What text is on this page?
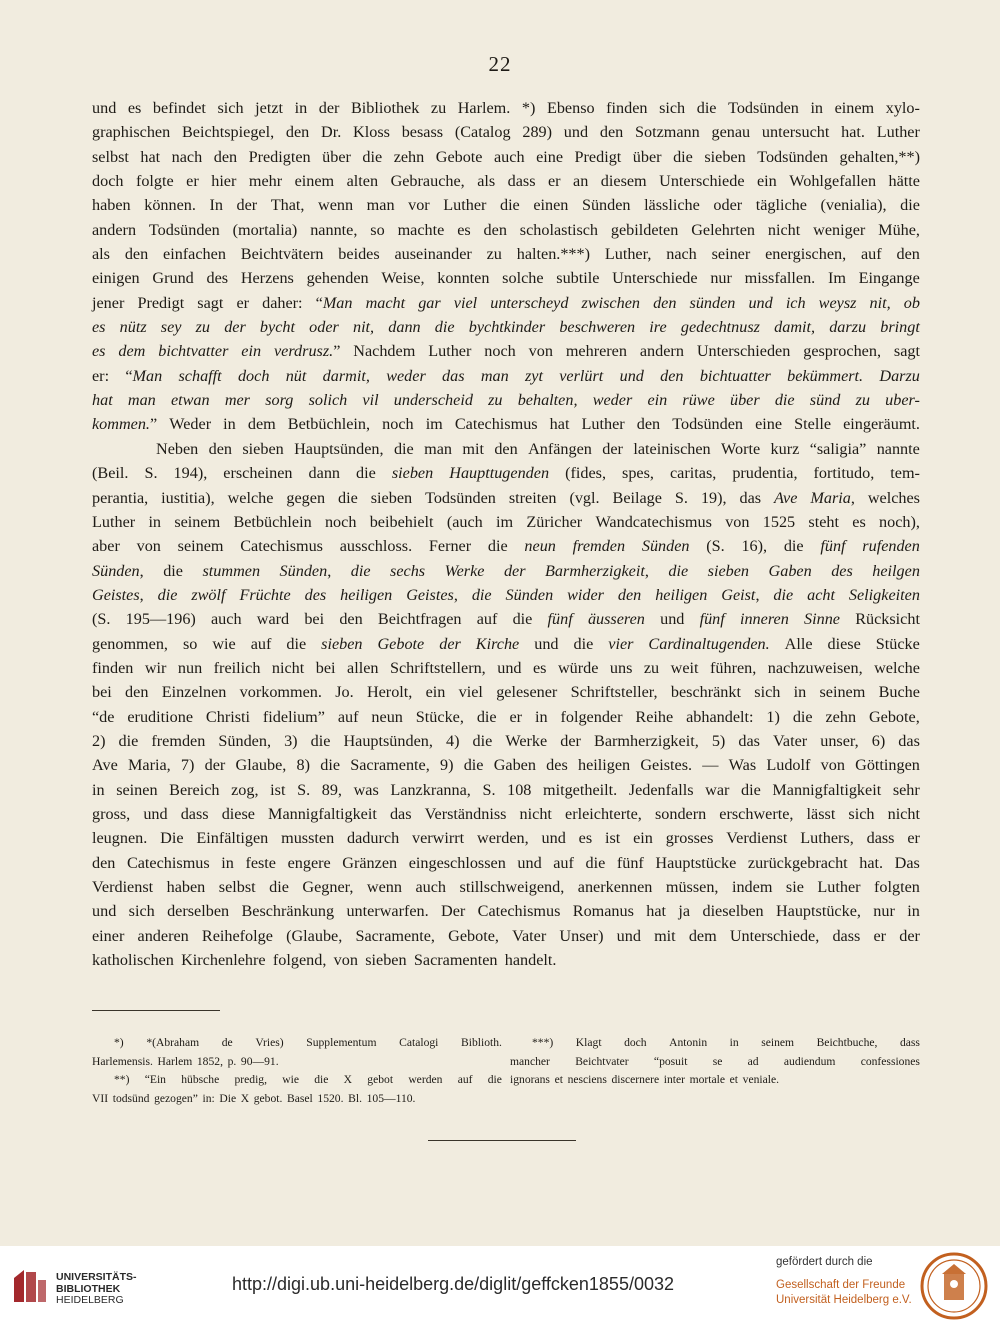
22
und es befindet sich jetzt in der Bibliothek zu Harlem. *) Ebenso finden sich die Todsünden in einem xylo-
graphischen Beichtspiegel, den Dr. Kloss besass (Catalog 289) und den Sotzmann genau untersucht hat. Luther
selbst hat nach den Predigten über die zehn Gebote auch eine Predigt über die sieben Todsünden gehalten,**)
doch folgte er hier mehr einem alten Gebrauche, als dass er an diesem Unterschiede ein Wohlgefallen hätte
haben können. In der That, wenn man vor Luther die einen Sünden lässliche oder tägliche (venialia), die
andern Todsünden (mortalia) nannte, so machte es den scholastisch gebildeten Gelehrten nicht weniger Mühe,
als den einfachen Beichtvätern beides auseinander zu halten.***) Luther, nach seiner energischen, auf den
einigen Grund des Herzens gehenden Weise, konnten solche subtile Unterschiede nur missfallen. Im Eingange
jener Predigt sagt er daher: “Man macht gar viel unterscheyd zwischen den sünden und ich weysz nit, ob
es nütz sey zu der bycht oder nit, dann die bychtkinder beschweren ire gedechtnusz damit, darzu bringt
es dem bichtvatter ein verdrusz.” Nachdem Luther noch von mehreren andern Unterschieden gesprochen, sagt
er: “Man schafft doch nüt darmit, weder das man zyt verlürt und den bichtuatter bekümmert. Darzu
hat man etwan mer sorg solich vil underscheid zu behalten, weder ein rüwe über die sünd zu uber-
kommen.” Weder in dem Betbüchlein, noch im Catechismus hat Luther den Todsünden eine Stelle eingeräumt.
Neben den sieben Hauptsünden, die man mit den Anfängen der lateinischen Worte kurz “saligia” nannte
(Beil. S. 194), erscheinen dann die sieben Haupttugenden (fides, spes, caritas, prudentia, fortitudo, tem-
perantia, iustitia), welche gegen die sieben Todsünden streiten (vgl. Beilage S. 19), das Ave Maria, welches
Luther in seinem Betbüchlein noch beibehielt (auch im Züricher Wandcatechismus von 1525 steht es noch),
aber von seinem Catechismus ausschloss. Ferner die neun fremden Sünden (S. 16), die fünf rufenden
Sünden, die stummen Sünden, die sechs Werke der Barmherzigkeit, die sieben Gaben des heilgen
Geistes, die zwölf Früchte des heiligen Geistes, die Sünden wider den heiligen Geist, die acht Seligkeiten
(S. 195—196) auch ward bei den Beichtfragen auf die fünf äusseren und fünf inneren Sinne Rücksicht
genommen, so wie auf die sieben Gebote der Kirche und die vier Cardinaltugenden. Alle diese Stücke
finden wir nun freilich nicht bei allen Schriftstellern, und es würde uns zu weit führen, nachzuweisen, welche
bei den Einzelnen vorkommen. Jo. Herolt, ein viel gelesener Schriftsteller, beschränkt sich in seinem Buche
“de eruditione Christi fidelium” auf neun Stücke, die er in folgender Reihe abhandelt: 1) die zehn Gebote,
2) die fremden Sünden, 3) die Hauptsünden, 4) die Werke der Barmherzigkeit, 5) das Vater unser, 6) das
Ave Maria, 7) der Glaube, 8) die Sacramente, 9) die Gaben des heiligen Geistes. — Was Ludolf von Göttingen
in seinen Bereich zog, ist S. 89, was Lanzkranna, S. 108 mitgetheilt. Jedenfalls war die Mannigfaltigkeit sehr
gross, und dass diese Mannigfaltigkeit das Verständniss nicht erleichterte, sondern erschwerte, lässt sich nicht
leugnen. Die Einfältigen mussten dadurch verwirrt werden, und es ist ein grosses Verdienst Luthers, dass er
den Catechismus in feste engere Gränzen eingeschlossen und auf die fünf Hauptstücke zurückgebracht hat. Das
Verdienst haben selbst die Gegner, wenn auch stillschweigend, anerkennen müssen, indem sie Luther folgten
und sich derselben Beschränkung unterwarfen. Der Catechismus Romanus hat ja dieselben Hauptstücke, nur in
einer anderen Reihefolge (Glaube, Sacramente, Gebote, Vater Unser) und mit dem Unterschiede, dass er der
katholischen Kirchenlehre folgend, von sieben Sacramenten handelt.
*) *(Abraham de Vries) Supplementum Catalogi Biblioth.
Harlemensis. Harlem 1852, p. 90—91.
**) “Ein hübsche predig, wie die X gebot werden auf die
VII todsünd gezogen” in: Die X gebot. Basel 1520. Bl. 105—110.
***) Klagt doch Antonin in seinem Beichtbuche, dass
mancher Beichtvater “posuit se ad audiendum confessiones
ignorans et nesciens discernere inter mortale et veniale.
UNIVERSITÄTS-
BIBLIOTHEK
HEIDELBERG
http://digi.ub.uni-heidelberg.de/diglit/geffcken1855/0032
gefördert durch die
Gesellschaft der Freunde
Universität Heidelberg e.V.
